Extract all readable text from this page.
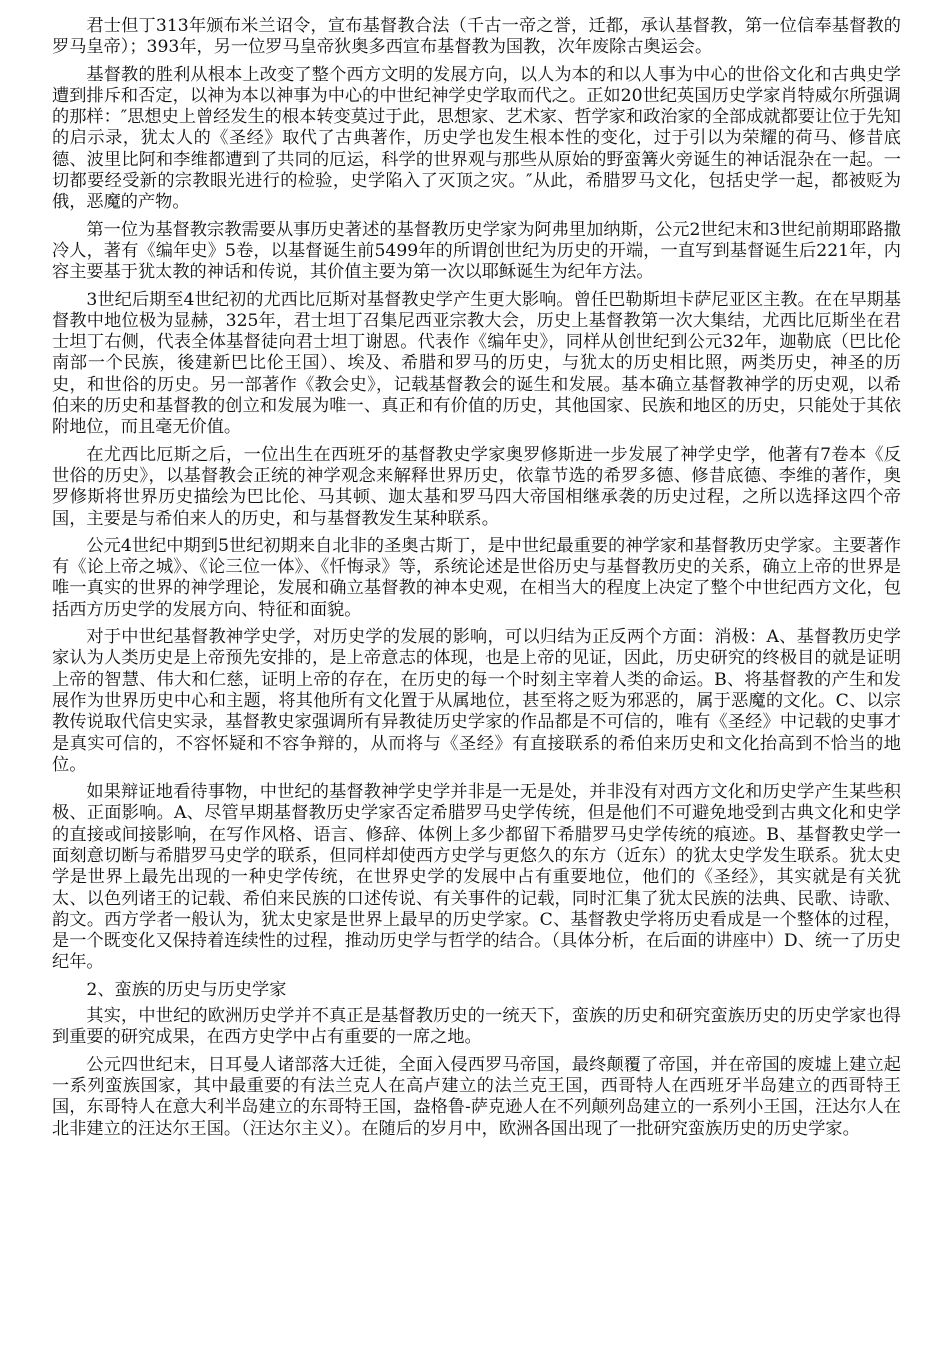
君士但丁313年颁布米兰诏令，宣布基督教合法（千古一帝之誉，迁都，承认基督教，第一位信奉基督教的罗马皇帝）；393年，另一位罗马皇帝狄奥多西宣布基督教为国教，次年废除古奥运会。

基督教的胜利从根本上改变了整个西方文明的发展方向，以人为本的和以人事为中心的世俗文化和古典史学遭到排斥和否定，以神为本以神事为中心的中世纪神学史学取而代之。正如20世纪英国历史学家肖特威尔所强调的那样：″思想史上曾经发生的根本转变莫过于此，思想家、艺术家、哲学家和政治家的全部成就都要让位于先知的启示录，犹太人的《圣经》取代了古典著作，历史学也发生根本性的变化，过于引以为荣耀的荷马、修昔底德、波里比阿和李维都遭到了共同的厄运，科学的世界观与那些从原始的野蛮篝火旁诞生的神话混杂在一起。一切都要经受新的宗教眼光进行的检验，史学陷入了灭顶之灾。″从此，希腊罗马文化，包括史学一起，都被贬为俄，恶魔的产物。

第一位为基督教宗教需要从事历史著述的基督教历史学家为阿弗里加纳斯，公元2世纪末和3世纪前期耶路撒冷人，著有《编年史》5卷，以基督诞生前5499年的所谓创世纪为历史的开端，一直写到基督诞生后221年，内容主要基于犹太教的神话和传说，其价值主要为第一次以耶稣诞生为纪年方法。

3世纪后期至4世纪初的尤西比厄斯对基督教史学产生更大影响。曾任巴勒斯坦卡萨尼亚区主教。在在早期基督教中地位极为显赫，325年，君士坦丁召集尼西亚宗教大会，历史上基督教第一次大集结，尤西比厄斯坐在君士坦丁右侧，代表全体基督徒向君士坦丁谢恩。代表作《编年史》，同样从创世纪到公元32年，迦勒底（巴比伦南部一个民族，後建新巴比伦王国）、埃及、希腊和罗马的历史，与犹太的历史相比照，两类历史，神圣的历史，和世俗的历史。另一部著作《教会史》，记载基督教会的诞生和发展。基本确立基督教神学的历史观，以希伯来的历史和基督教的创立和发展为唯一、真正和有价值的历史，其他国家、民族和地区的历史，只能处于其依附地位，而且毫无价值。

在尤西比厄斯之后，一位出生在西班牙的基督教史学家奥罗修斯进一步发展了神学史学，他著有7卷本《反世俗的历史》，以基督教会正统的神学观念来解释世界历史，依靠节选的希罗多德、修昔底德、李维的著作，奥罗修斯将世界历史描绘为巴比伦、马其顿、迦太基和罗马四大帝国相继承袭的历史过程，之所以选择这四个帝国，主要是与希伯来人的历史，和与基督教发生某种联系。

公元4世纪中期到5世纪初期来自北非的圣奥古斯丁，是中世纪最重要的神学家和基督教历史学家。主要著作有《论上帝之城》、《论三位一体》、《忏悔录》等，系统论述是世俗历史与基督教历史的关系，确立上帝的世界是唯一真实的世界的神学理论，发展和确立基督教的神本史观，在相当大的程度上决定了整个中世纪西方文化，包括西方历史学的发展方向、特征和面貌。

对于中世纪基督教神学史学，对历史学的发展的影响，可以归结为正反两个方面：消极：A、基督教历史学家认为人类历史是上帝预先安排的，是上帝意志的体现，也是上帝的见证，因此，历史研究的终极目的就是证明上帝的智慧、伟大和仁慈，证明上帝的存在，在历史的每一个时刻主宰着人类的命运。B、将基督教的产生和发展作为世界历史中心和主题，将其他所有文化置于从属地位，甚至将之贬为邪恶的，属于恶魔的文化。C、以宗教传说取代信史实录，基督教史家强调所有异教徒历史学家的作品都是不可信的，唯有《圣经》中记载的史事才是真实可信的，不容怀疑和不容争辩的，从而将与《圣经》有直接联系的希伯来历史和文化抬高到不恰当的地位。

如果辩证地看待事物，中世纪的基督教神学史学并非是一无是处，并非没有对西方文化和历史学产生某些积极、正面影响。A、尽管早期基督教历史学家否定希腊罗马史学传统，但是他们不可避免地受到古典文化和史学的直接或间接影响，在写作风格、语言、修辞、体例上多少都留下希腊罗马史学传统的痕迹。B、基督教史学一面刻意切断与希腊罗马史学的联系，但同样却使西方史学与更悠久的东方（近东）的犹太史学发生联系。犹太史学是世界上最先出现的一种史学传统，在世界史学的发展中占有重要地位，他们的《圣经》，其实就是有关犹太、以色列诸王的记载、希伯来民族的口述传说、有关事件的记载，同时汇集了犹太民族的法典、民歌、诗歌、韵文。西方学者一般认为，犹太史家是世界上最早的历史学家。C、基督教史学将历史看成是一个整体的过程，是一个既变化又保持着连续性的过程，推动历史学与哲学的结合。（具体分析，在后面的讲座中）D、统一了历史纪年。

2、蛮族的历史与历史学家

其实，中世纪的欧洲历史学并不真正是基督教历史的一统天下，蛮族的历史和研究蛮族历史的历史学家也得到重要的研究成果，在西方史学中占有重要的一席之地。

公元四世纪末，日耳曼人诸部落大迁徙，全面入侵西罗马帝国，最终颠覆了帝国，并在帝国的废墟上建立起一系列蛮族国家，其中最重要的有法兰克人在高卢建立的法兰克王国，西哥特人在西班牙半岛建立的西哥特王国，东哥特人在意大利半岛建立的东哥特王国，盎格鲁-萨克逊人在不列颠列岛建立的一系列小王国，汪达尔人在北非建立的汪达尔王国。（汪达尔主义）。在随后的岁月中，欧洲各国出现了一批研究蛮族历史的历史学家。
